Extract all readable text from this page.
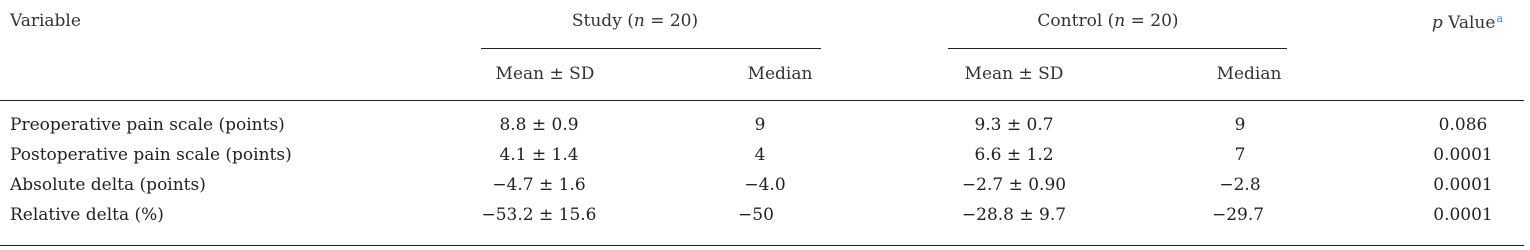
Variable	Study (n = 20)	Control (n = 20)	p Value$^a$
Mean ± SD	Median	Mean ± SD	Median
Preoperative pain scale (points)	8.8 ± 0.9	9	9.3 ± 0.7	9	0.086
Postoperative pain scale (points)	4.1 ± 1.4	4	6.6 ± 1.2	7	0.0001
Absolute delta (points)	−4.7 ± 1.6	−4.0	−2.7 ± 0.90	−2.8	0.0001
Relative delta (%)	−53.2 ± 15.6	−50	−28.8 ± 9.7	−29.7	0.0001
